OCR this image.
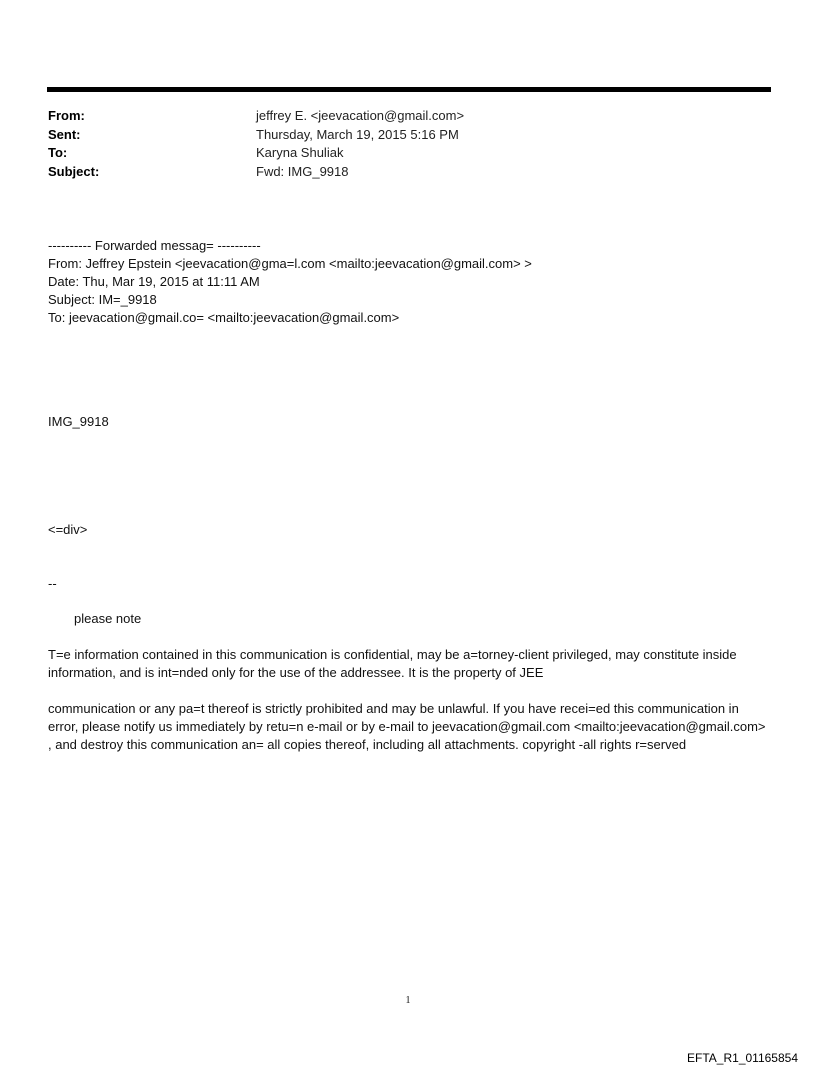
From:	jeffrey E. <jeevacation@gmail.com>
Sent:	Thursday, March 19, 2015 5:16 PM
To:	Karyna Shuliak
Subject:	Fwd: IMG_9918
---------- Forwarded messag= ----------
From: Jeffrey Epstein <jeevacation@gma=l.com <mailto:jeevacation@gmail.com> >
Date: Thu, Mar 19, 2015 at 11:11 AM
Subject: IM=_9918
To: jeevacation@gmail.co= <mailto:jeevacation@gmail.com>
IMG_9918
<=div>
--
please note
T=e information contained in this communication is confidential, may be a=torney-client privileged, may constitute inside information, and is int=nded only for the use of the addressee. It is the property of JEE
communication or any pa=t thereof is strictly prohibited and may be unlawful. If you have recei=ed this communication in error, please notify us immediately by retu=n e-mail or by e-mail to jeevacation@gmail.com <mailto:jeevacation@gmail.com> , and destroy this communication an= all copies thereof, including all attachments. copyright -all rights r=served
1
EFTA_R1_01165854
